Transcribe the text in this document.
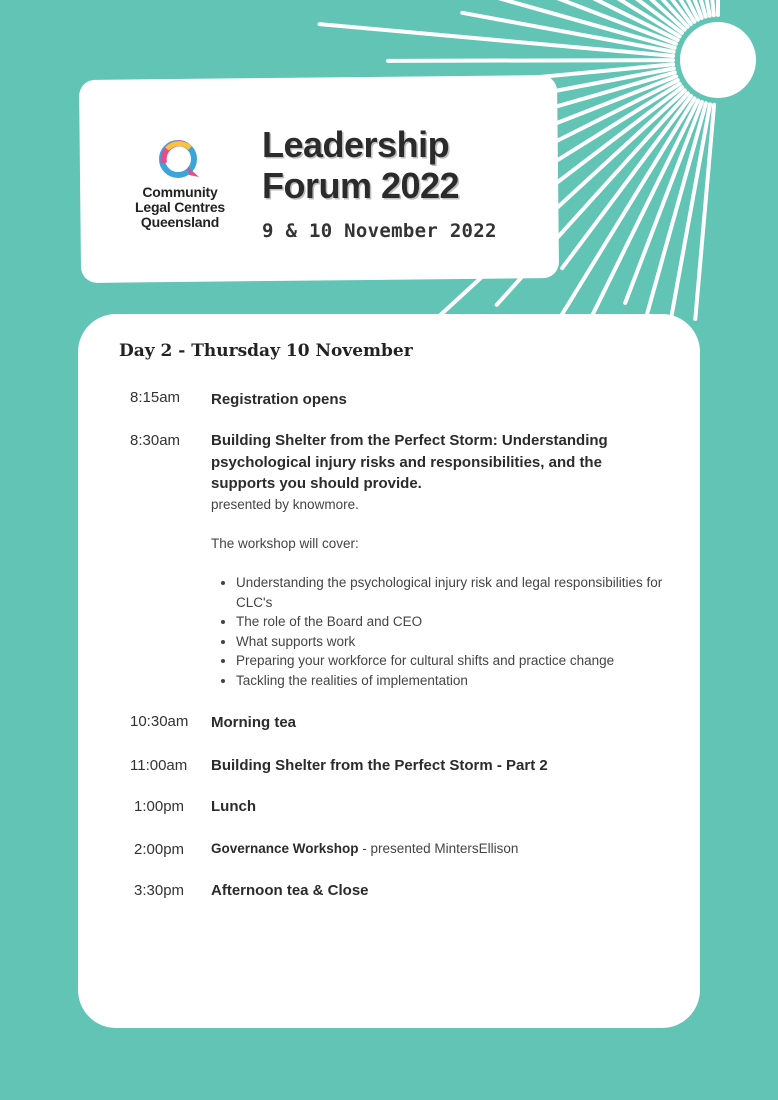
Community
Legal Centres
Queensland
Leadership
Forum 2022
9 & 10 November 2022
Day 2 - Thursday 10 November
8:15am	Registration opens
8:30am	Building Shelter from the Perfect Storm: Understanding psychological injury risks and responsibilities, and the supports you should provide.
presented by knowmore.
The workshop will cover:
• Understanding the psychological injury risk and legal responsibilities for CLC's
• The role of the Board and CEO
• What supports work
• Preparing your workforce for cultural shifts and practice change
• Tackling the realities of implementation
10:30am	Morning tea
11:00am	Building Shelter from the Perfect Storm - Part 2
1:00pm	Lunch
2:00pm	Governance Workshop - presented MintersEllison
3:30pm	Afternoon tea & Close
